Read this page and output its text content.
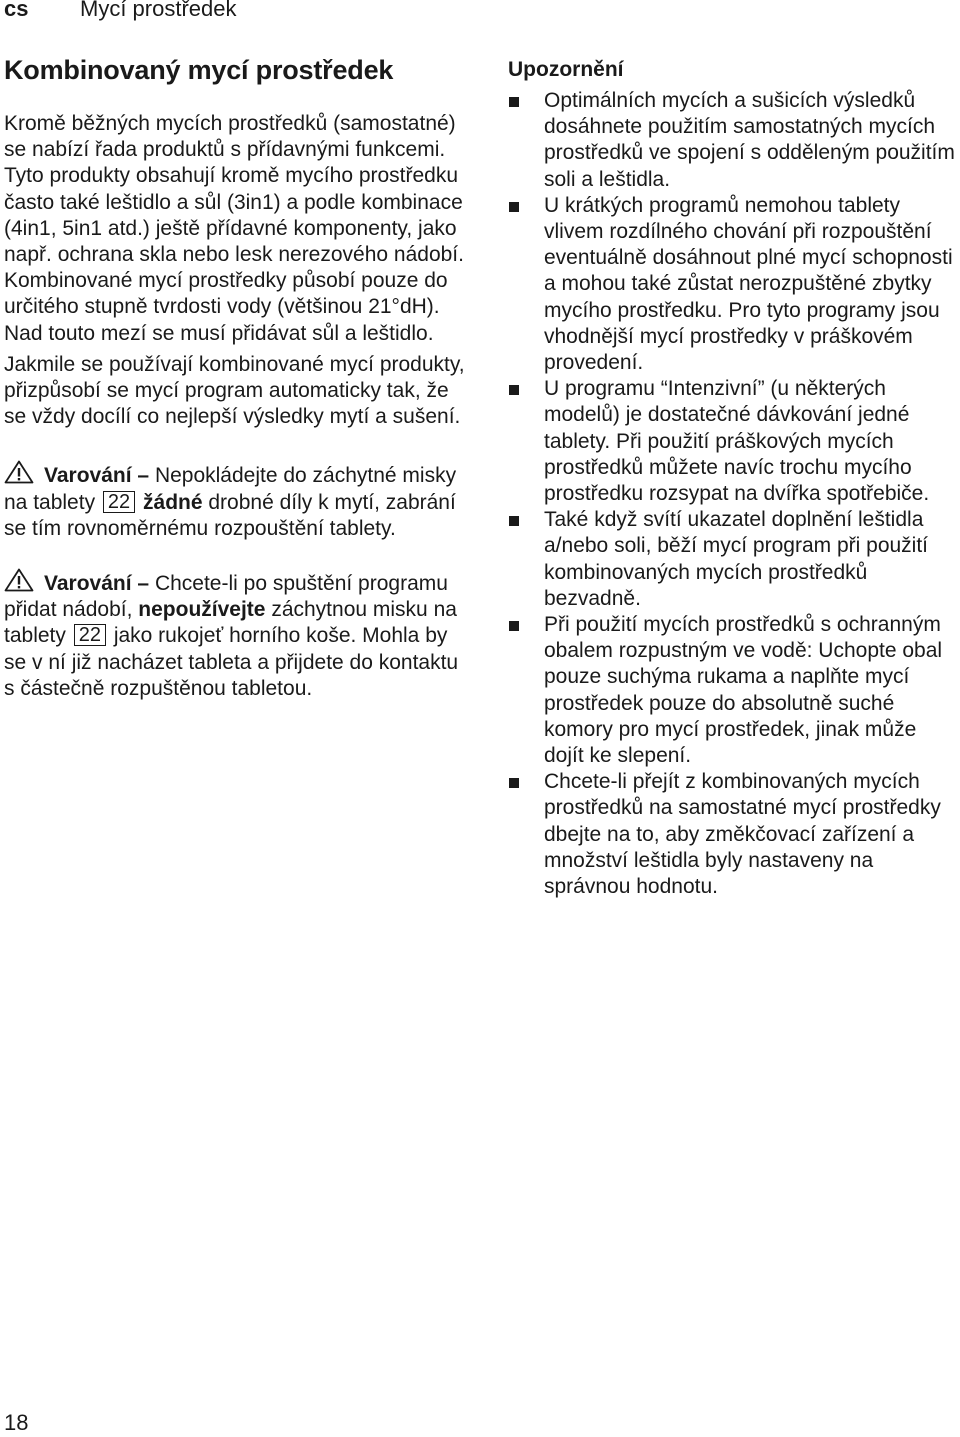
cs Mycí prostředek
Kombinovaný mycí prostředek

Kromě běžných mycích prostředků (samostatné) se nabízí řada produktů s přídavnými funkcemi. Tyto produkty obsahují kromě mycího prostředku často také leštidlo a sůl (3in1) a podle kombinace (4in1, 5in1 atd.) ještě přídavné komponenty, jako např. ochrana skla nebo lesk nerezového nádobí. Kombinované mycí prostředky působí pouze do určitého stupně tvrdosti vody (většinou 21°dH). Nad touto mezí se musí přidávat sůl a leštidlo.

Jakmile se používají kombinované mycí produkty, přizpůsobí se mycí program automaticky tak, že se vždy docílí co nejlepší výsledky mytí a sušení.

Varování – Nepokládejte do záchytné misky na tablety 22 žádné drobné díly k mytí, zabrání se tím rovnoměrnému rozpouštění tablety.

Varování – Chcete-li po spuštění programu přidat nádobí, nepoužívejte záchytnou misku na tablety 22 jako rukojeť horního koše. Mohla by se v ní již nacházet tableta a přijdete do kontaktu s částečně rozpuštěnou tabletou.

Upozornění
Optimálních mycích a sušicích výsledků dosáhnete použitím samostatných mycích prostředků ve spojení s odděleným použitím soli a leštidla.
U krátkých programů nemohou tablety vlivem rozdílného chování při rozpouštění eventuálně dosáhnout plné mycí schopnosti a mohou také zůstat nerozpuštěné zbytky mycího prostředku. Pro tyto programy jsou vhodnější mycí prostředky v práškovém provedení.
U programu “Intenzivní” (u některých modelů) je dostatečné dávkování jedné tablety. Při použití práškových mycích prostředků můžete navíc trochu mycího prostředku rozsypat na dvířka spotřebiče.
Také když svítí ukazatel doplnění leštidla a/nebo soli, běží mycí program při použití kombinovaných mycích prostředků bezvadně.
Při použití mycích prostředků s ochranným obalem rozpustným ve vodě: Uchopte obal pouze suchýma rukama a naplňte mycí prostředek pouze do absolutně suché komory pro mycí prostředek, jinak může dojít ke slepení.
Chcete-li přejít z kombinovaných mycích prostředků na samostatné mycí prostředky dbejte na to, aby změkčovací zařízení a množství leštidla byly nastaveny na správnou hodnotu.
18
